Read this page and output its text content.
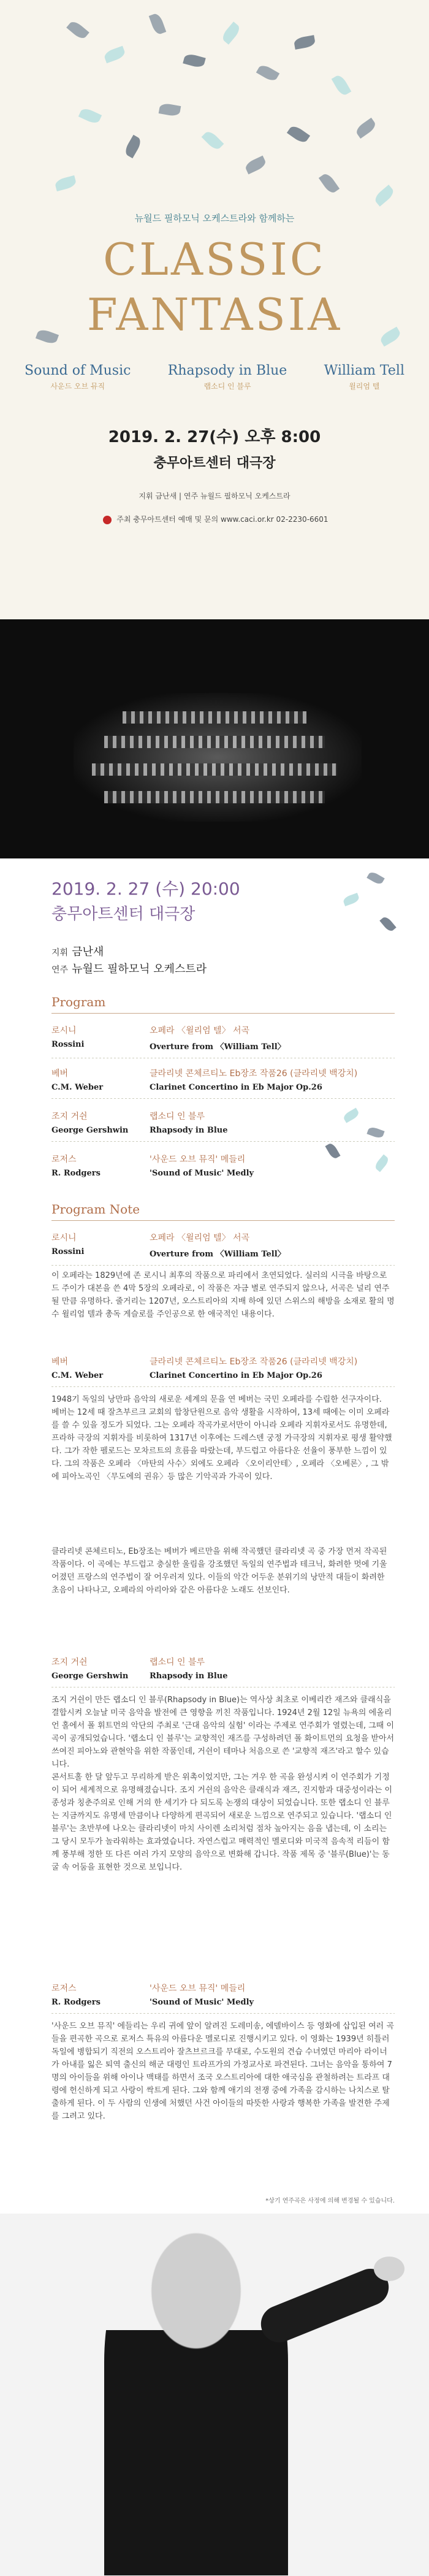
뉴월드 필하모닉 오케스트라와 함께하는
CLASSIC
FANTASIA
Sound of Music
사운드 오브 뮤직
Rhapsody in Blue
랩소디 인 블루
William Tell
윌리엄 텔
2019. 2. 27(수) 오후 8:00
충무아트센터 대극장
지휘 금난새 | 연주 뉴월드 필하모닉 오케스트라
주최 충무아트센터 예매 및 문의 www.caci.or.kr 02-2230-6601
2019. 2. 27 (수) 20:00
충무아트센터 대극장
지휘 금난새
연주 뉴월드 필하모닉 오케스트라
Program
로시니	오페라 〈윌리엄 텔〉 서곡
Rossini	Overture from 〈William Tell〉
베버	클라리넷 콘체르티노 Eb장조 작품26 (클라리넷 백강치)
C.M. Weber	Clarinet Concertino in Eb Major Op.26
조지 거쉰	랩소디 인 블루
George Gershwin	Rhapsody in Blue
로저스	'사운드 오브 뮤직' 메들리
R. Rodgers	'Sound of Music' Medly
Program Note
로시니	오페라 〈윌리엄 텔〉 서곡
Rossini	Overture from 〈William Tell〉

이 오페라는 1829년에 존 로시니 최후의 작품으로 파리에서 초연되었다. 실러의 시극을 바탕으로 드 주이가 대본을 쓴 4막 5장의 오페라로, 이 작품은 자금 별로 연주되지 않으나, 서곡은 널리 연주될 만큼 유명하다. 줄거리는 1207년, 오스트리아의 지배 하에 있던 스위스의 해방을 소재로 활의 명수 윌리엄 텔과 총독 게슬로를 주인공으로 한 애국적인 내용이다.

베버	클라리넷 콘체르티노 Eb장조 작품26 (클라리넷 백강치)
C.M. Weber	Clarinet Concertino in Eb Major Op.26

1948기 독일의 낭만파 음악의 새로운 세계의 문을 연 베버는 국민 오페라를 수립한 선구자이다.
베버는 12세 때 잘츠부르크 교회의 합창단원으로 음악 생활을 시작하여, 13세 때에는 이미 오페라를 쓸 수 있을 정도가 되었다. 그는 오페라 작곡가로서만이 아니라 오페라 지휘자로서도 유명한데, 프라하 극장의 지휘자를 비롯하여 1317년 이후에는 드레스덴 궁정 가극장의 지휘자로 평생 활약했다. 그가 작한 펠로드는 모차르트의 흐름을 따랐는데, 부드럽고 아름다운 선율이 풍부한 느낌이 있다. 그의 작품은 오페라 〈마탄의 사수〉외에도 오페라 〈오이리안테〉, 오페라 〈오베론〉, 그 밖에 피아노곡인 〈무도에의 권유〉등 많은 기악곡과 가곡이 있다.

클라리넷 콘체르티노, Eb장조는 베버가 베르만을 위해 작곡했던 클라리넷 곡 중 가장 먼저 작곡된 작품이다. 이 곡에는 부드럽고 충실한 울림을 강조했던 독일의 연주법과 테크닉, 화려한 멋에 기울어졌던 프랑스의 연주법이 잘 어우러져 있다. 이들의 악간 어두운 분위기의 낭만적 대들이 화려한 초음이 나타나고, 오페라의 아리아와 같은 아름다운 노래도 선보인다.

조지 거쉰	랩소디 인 블루
George Gershwin	Rhapsody in Blue

조지 거쉰이 만든 랩소디 인 블루(Rhapsody in Blue)는 역사상 최초로 이베리칸 재즈와 클래식을 결합시켜 오늘날 미국 음악을 발전에 큰 영향을 끼친 작품입니다. 1924년 2월 12일 뉴욕의 에올리언 홀에서 폴 휘트먼의 악단의 주최로 '근대 음악의 실험' 이라는 주제로 연주회가 열렸는데, 그때 이 곡이 공개되었습니다. '랩소디 인 블루'는 교향적인 재즈를 구성하려던 폴 화이트먼의 요청을 받아서 쓰여진 피아노와 관현악을 위한 작품인데, 거쉰이 테마나 처음으로 쓴 '교향적 재즈'라고 할수 있습니다.
콘서트홀 한 달 앞두고 무리하게 받은 위촉이었지만, 그는 겨우 한 곡을 완성시켜 이 연주회가 기정이 되어 세계적으로 유명해졌습니다. 조지 거쉰의 음악은 클래식과 재즈, 진지함과 대중성이라는 이종성과 칭춘주의로 인해 거의 한 세기가 다 되도록 논쟁의 대상이 되었습니다. 또한 랩소디 인 블루 는 지금까지도 유명세 만큼이나 다양하게 편곡되어 새로운 느낌으로 연주되고 있습니다. '랩소디 인 블루'는 초반부에 나오는 클라리넷이 마치 사이렌 소리처럼 점차 높아지는 음을 냅는데, 이 소리는 그 당시 모두가 놀라워하는 효과였습니다. 자연스럽고 매력적인 멜로디와 미국적 음속적 리듬이 함께 풍부해 정한 또 다른 여러 가지 모양의 음악으로 변화해 갑니다. 작품 제목 중 '블루(Blue)'는 동굴 속 어둠을 표현한 것으로 보입니다.

로저스	'사운드 오브 뮤직' 메들리
R. Rodgers	'Sound of Music' Medly

'사운드 오브 뮤직' 에들리는 우리 귀에 앞이 알려진 도레미송, 에델바이스 등 영화에 삽입된 여러 곡들을 편곡한 곡으로 로저스 특유의 아름다운 멜로디로 진행시키고 있다. 이 영화는 1939년 히틀러 독일에 병합되기 직전의 오스트리아 잘츠브르크를 무대로, 수도원의 견습 수녀였던 마리아 라이너가 아내를 잃은 퇴역 출신의 해군 대령인 트라프가의 가정교사로 파견된다. 그녀는 음악을 통하여 7명의 아이들을 위해 아이나 맥태를 하면서 조국 오스트리아에 대한 애국심을 관철하려는 트라프 대령에 헌신하게 되고 사랑이 싹트게 된다. 그와 함께 애기의 전쟁 중에 가족을 감시하는 나치스로 탈출하게 된다. 이 두 사람의 인생에 처했던 사건 아이들의 따뜻한 사랑과 행복한 가족을 발견한 주제를 그려고 있다.

*상기 연주곡은 사정에 의해 변경될 수 있습니다.
